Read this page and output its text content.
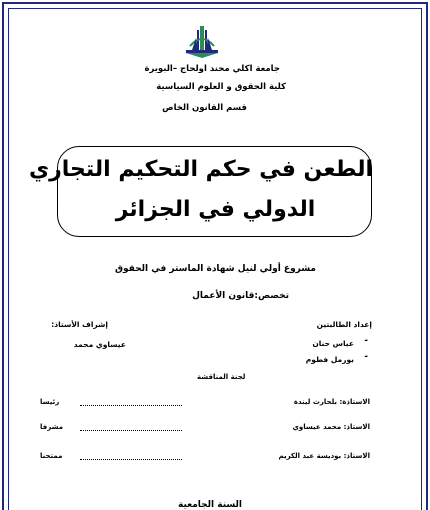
جامعة اكلي محند اولحاج –البويرة
كلية الحقوق و العلوم السياسية
قسم القانون الخاص
الطعن في حكم التحكيم التجاري
الدولي في الجزائر
مشروع أولي لنيل شهادة الماستر في الحقوق
تخصص:قانون الأعمال
إعداد الطالبتين
إشراف الأستاذ:
-
عباس حنان
-
بورمل فطوم
عيساوي محمد
لجنة المناقشة
الاستاذة: بلحارث ليندة
رئيسا
الاستاذ: محمد عيساوي
مشرفا
الاستاذ: بوديسة عبد الكريم
ممتحنا
السنة الجامعية
